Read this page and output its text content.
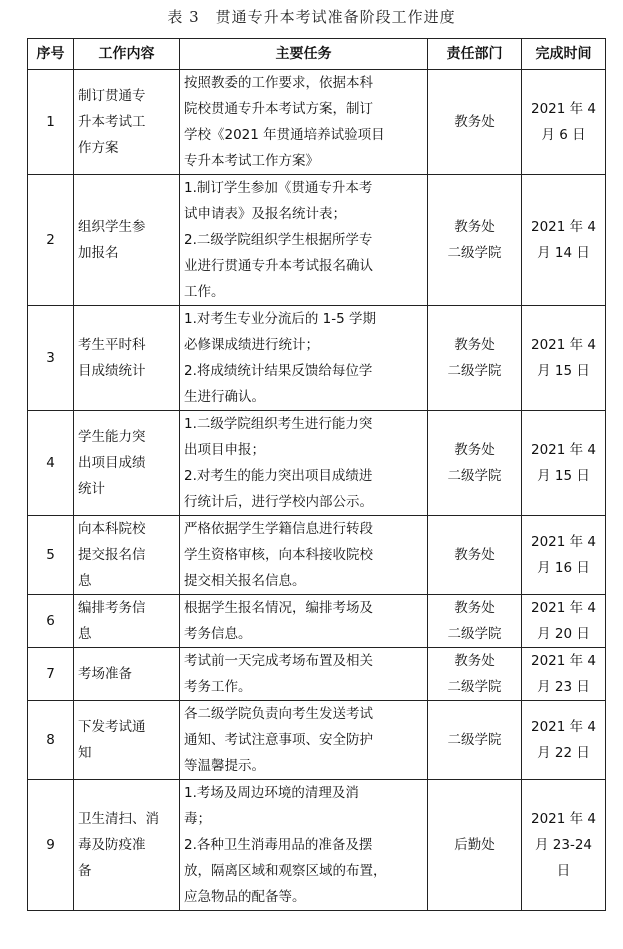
表 3　贯通专升本考试准备阶段工作进度
序号	工作内容	主要任务	责任部门	完成时间
1	制订贯通专
升本考试工
作方案	按照教委的工作要求，依据本科
院校贯通专升本考试方案，制订
学校《2021 年贯通培养试验项目
专升本考试工作方案》	教务处	2021 年 4
月 6 日

2	组织学生参
加报名	1.制订学生参加《贯通专升本考
试申请表》及报名统计表；
2.二级学院组织学生根据所学专
业进行贯通专升本考试报名确认
工作。	教务处
二级学院	2021 年 4
月 14 日

3	考生平时科
目成绩统计	1.对考生专业分流后的 1-5 学期
必修课成绩进行统计；
2.将成绩统计结果反馈给每位学
生进行确认。	教务处
二级学院	2021 年 4
月 15 日

4	学生能力突
出项目成绩
统计	1.二级学院组织考生进行能力突
出项目申报；
2.对考生的能力突出项目成绩进
行统计后，进行学校内部公示。	教务处
二级学院	2021 年 4
月 15 日

5	向本科院校
提交报名信
息	严格依据学生学籍信息进行转段
学生资格审核，向本科接收院校
提交相关报名信息。	教务处	2021 年 4
月 16 日

6	编排考务信
息	根据学生报名情况，编排考场及
考务信息。	教务处
二级学院	2021 年 4
月 20 日

7	考场准备	考试前一天完成考场布置及相关
考务工作。	教务处
二级学院	2021 年 4
月 23 日

8	下发考试通
知	各二级学院负责向考生发送考试
通知、考试注意事项、安全防护
等温馨提示。	二级学院	2021 年 4
月 22 日

9	卫生清扫、消
毒及防疫准
备	1.考场及周边环境的清理及消
毒；
2.各种卫生消毒用品的准备及摆
放，隔离区域和观察区域的布置，
应急物品的配备等。	后勤处	2021 年 4
月 23-24
日
